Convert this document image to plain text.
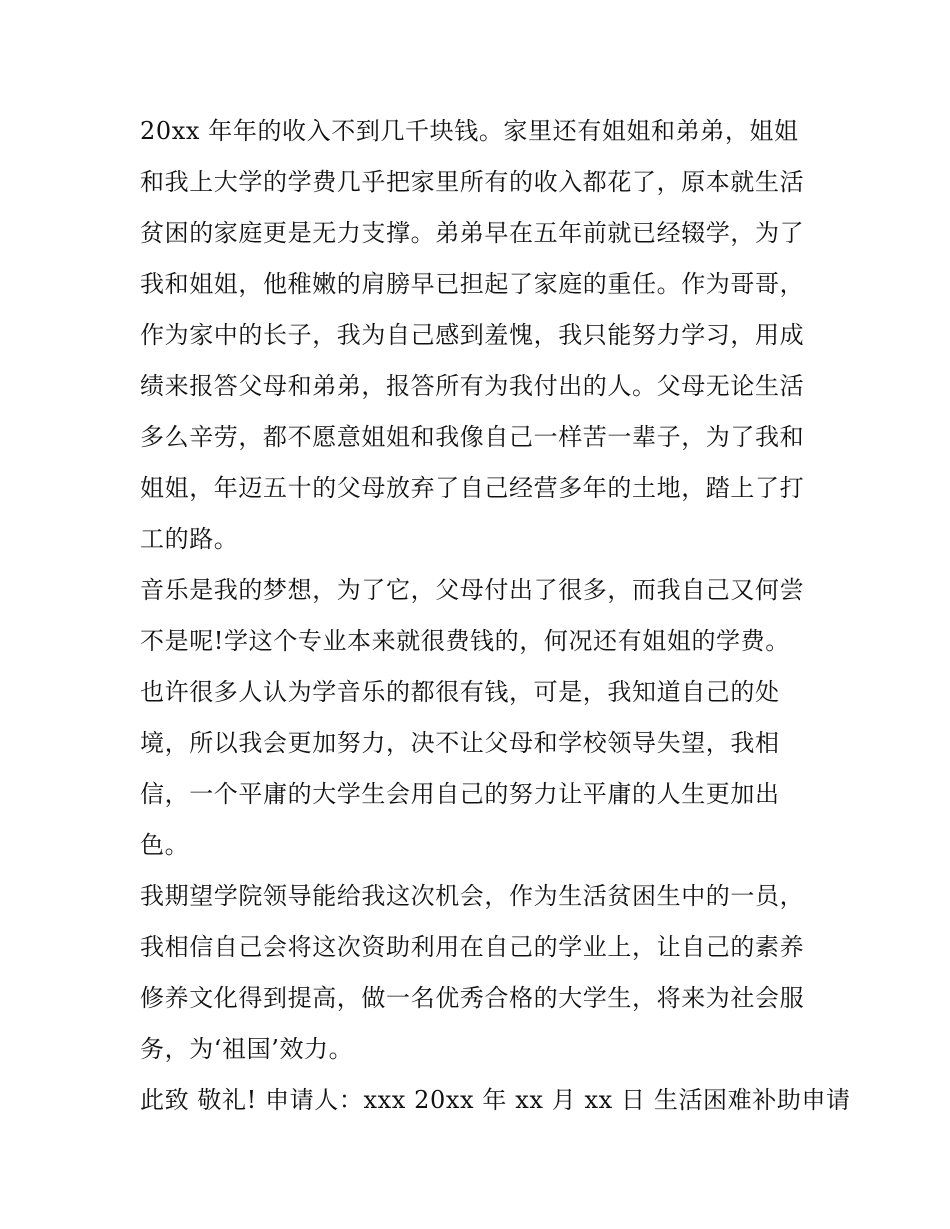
20xx 年年的收入不到几千块钱。家里还有姐姐和弟弟，姐姐
和我上大学的学费几乎把家里所有的收入都花了，原本就生活
贫困的家庭更是无力支撑。弟弟早在五年前就已经辍学，为了
我和姐姐，他稚嫩的肩膀早已担起了家庭的重任。作为哥哥，
作为家中的长子，我为自己感到羞愧，我只能努力学习，用成
绩来报答父母和弟弟，报答所有为我付出的人。父母无论生活
多么辛劳，都不愿意姐姐和我像自己一样苦一辈子，为了我和
姐姐，年迈五十的父母放弃了自己经营多年的土地，踏上了打
工的路。
音乐是我的梦想，为了它，父母付出了很多，而我自己又何尝
不是呢!学这个专业本来就很费钱的，何况还有姐姐的学费。
也许很多人认为学音乐的都很有钱，可是，我知道自己的处
境，所以我会更加努力，决不让父母和学校领导失望，我相
信，一个平庸的大学生会用自己的努力让平庸的人生更加出
色。
我期望学院领导能给我这次机会，作为生活贫困生中的一员，
我相信自己会将这次资助利用在自己的学业上，让自己的素养
修养文化得到提高，做一名优秀合格的大学生，将来为社会服
务，为‘祖国’效力。
此致 敬礼! 申请人：xxx 20xx 年 xx 月 xx 日 生活困难补助申请
